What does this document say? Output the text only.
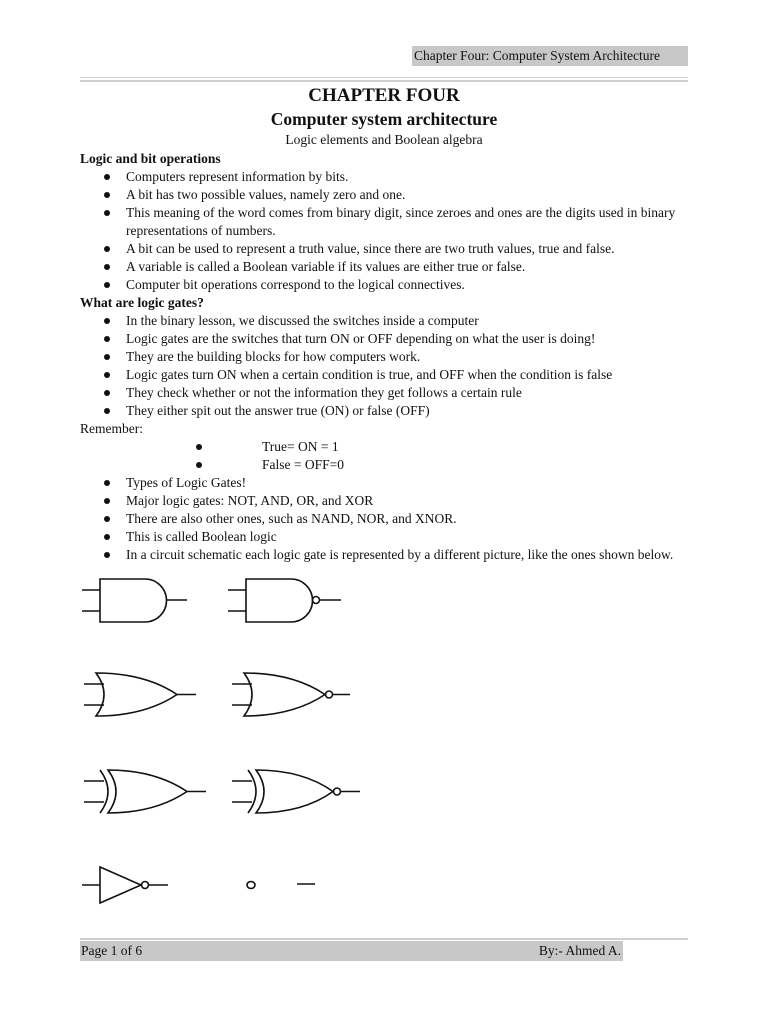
Chapter Four: Computer System Architecture
CHAPTER FOUR
Computer system architecture
Logic elements and Boolean algebra
Logic and bit operations
Computers represent information by bits.
A bit has two possible values, namely zero and one.
This meaning of the word comes from binary digit, since zeroes and ones are the digits used in binary representations of numbers.
A bit can be used to represent a truth value, since there are two truth values, true and false.
A variable is called a Boolean variable if its values are either true or false.
Computer bit operations correspond to the logical connectives.
What are logic gates?
In the binary lesson, we discussed the switches inside a computer
Logic gates are the switches that turn ON or OFF depending on what the user is doing!
They are the building blocks for how computers work.
Logic gates turn ON when a certain condition is true, and OFF when the condition is false
They check whether or not the information they get follows a certain rule
They either spit out the answer true (ON) or false (OFF)
Remember:
True= ON = 1
False = OFF=0
Types of Logic Gates!
Major logic gates: NOT, AND, OR, and XOR
There are also other ones, such as NAND, NOR, and XNOR.
This is called Boolean logic
In a circuit schematic each logic gate is represented by a different picture, like the ones shown below.
Page 1 of 6	By:- Ahmed A.
